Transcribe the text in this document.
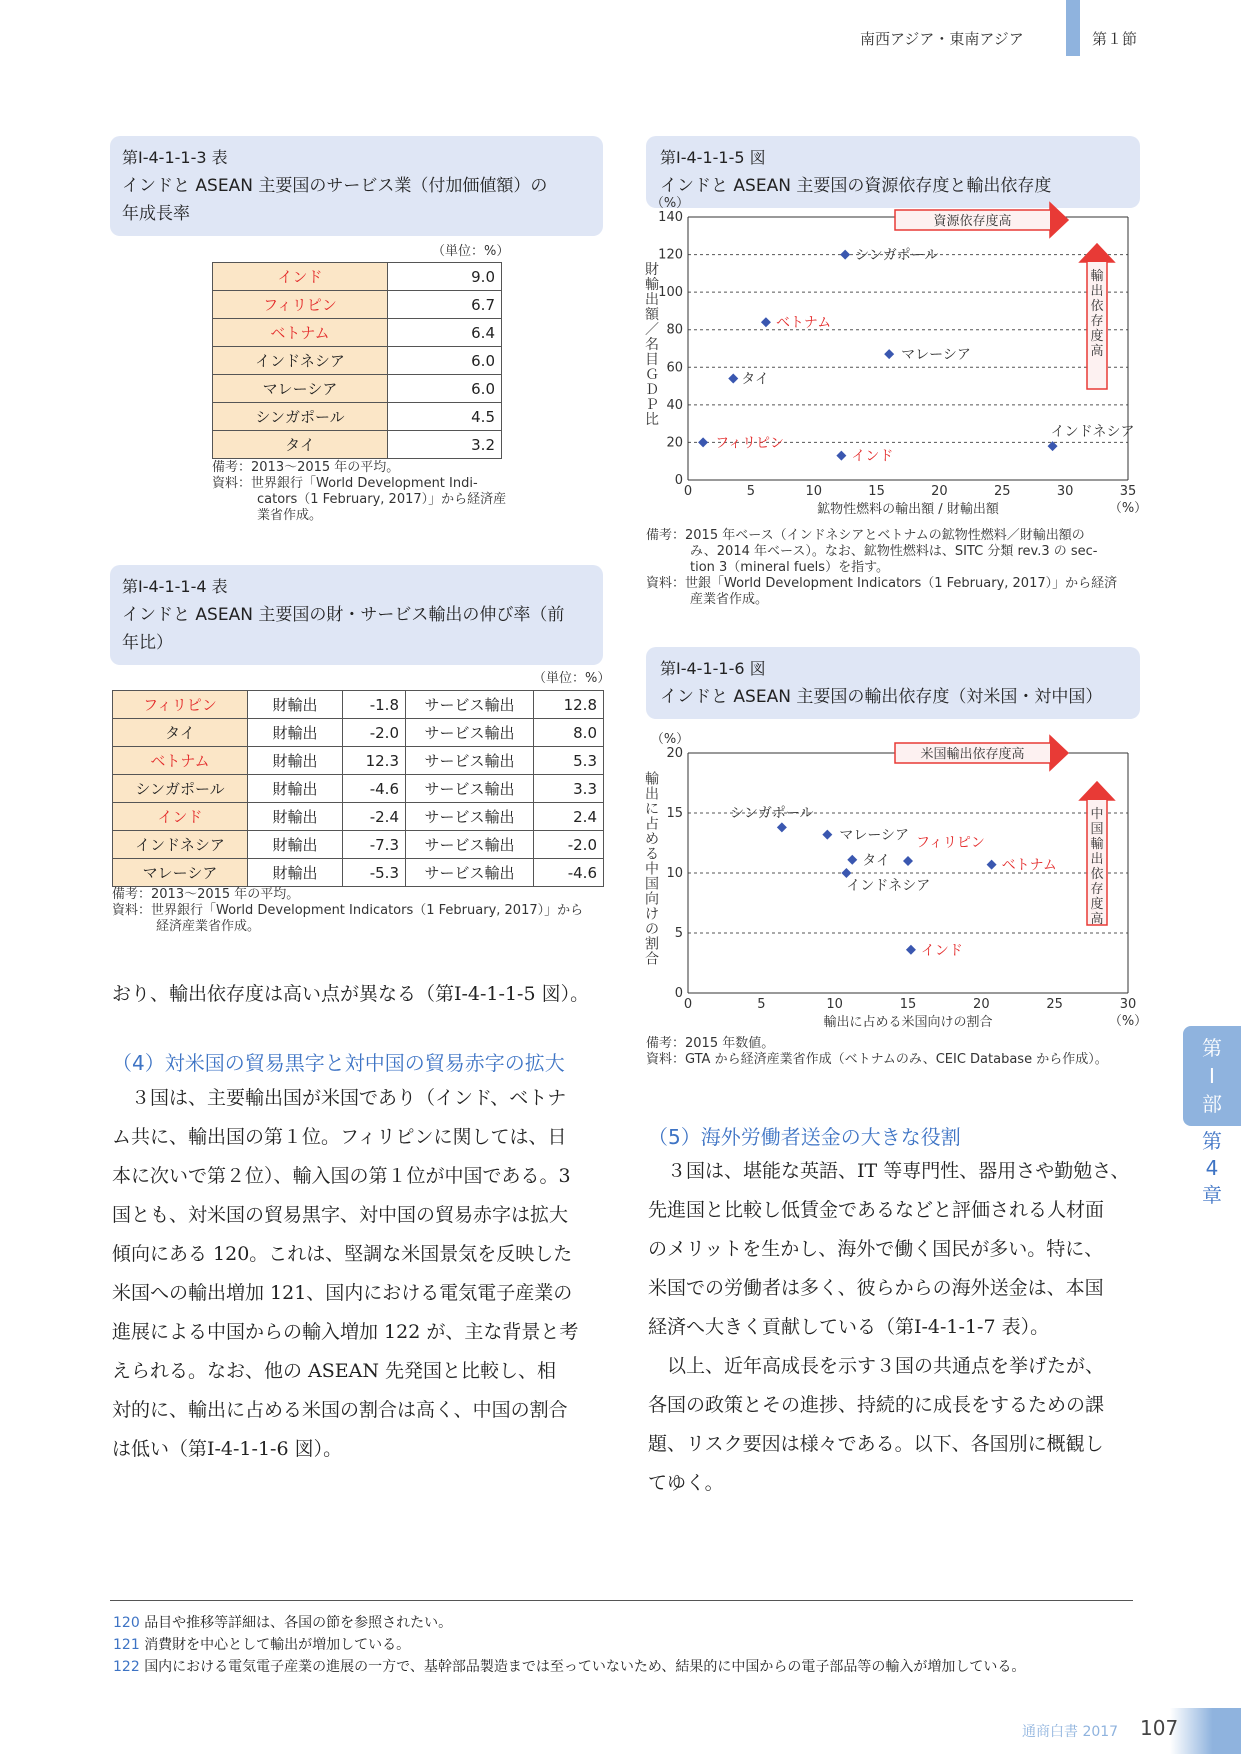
南西アジア・東南アジア	第１節
第Ⅰ-4-1-1-3 表
インドと ASEAN 主要国のサービス業（付加価値額）の
年成長率
（単位：%）
インド	9.0
フィリピン	6.7
ベトナム	6.4
インドネシア	6.0
マレーシア	6.0
シンガポール	4.5
タイ	3.2
備考：2013〜2015 年の平均。
資料：世界銀行「World Development Indi-
cators（1 February, 2017）」から経済産
業省作成。
第Ⅰ-4-1-1-4 表
インドと ASEAN 主要国の財・サービス輸出の伸び率（前
年比）
（単位：%）
フィリピン	財輸出	-1.8	サービス輸出	12.8
タイ	財輸出	-2.0	サービス輸出	8.0
ベトナム	財輸出	12.3	サービス輸出	5.3
シンガポール	財輸出	-4.6	サービス輸出	3.3
インド	財輸出	-2.4	サービス輸出	2.4
インドネシア	財輸出	-7.3	サービス輸出	-2.0
マレーシア	財輸出	-5.3	サービス輸出	-4.6
備考：2013〜2015 年の平均。
資料：世界銀行「World Development Indicators（1 February, 2017）」から
経済産業省作成。
おり、輸出依存度は高い点が異なる（第Ⅰ-4-1-1-5 図）。
（4）対米国の貿易黒字と対中国の貿易赤字の拡大
３国は、主要輸出国が米国であり（インド、ベトナ
ム共に、輸出国の第１位。フィリピンに関しては、日
本に次いで第２位）、輸入国の第１位が中国である。3
国とも、対米国の貿易黒字、対中国の貿易赤字は拡大
傾向にある 120。これは、堅調な米国景気を反映した
米国への輸出増加 121、国内における電気電子産業の
進展による中国からの輸入増加 122 が、主な背景と考
えられる。なお、他の ASEAN 先発国と比較し、相
対的に、輸出に占める米国の割合は高く、中国の割合
は低い（第Ⅰ-4-1-1-6 図）。
第Ⅰ-4-1-1-5 図
インドと ASEAN 主要国の資源依存度と輸出依存度
0	5	10	15	20	25	30	35
0
20
40
60
80
100
120
140
（%）
（%）
鉱物性燃料の輸出額 / 財輸出額
財
輸
出
額
／
名
目
Ｇ
Ｄ
Ｐ
比
資源依存度高
輸
出
依
存
度
高
シンガポール
ベトナム
マレーシア
タイ
フィリピン
インド
インドネシア
備考：2015 年ベース（インドネシアとベトナムの鉱物性燃料／財輸出額の
み、2014 年ベース）。なお、鉱物性燃料は、SITC 分類 rev.3 の sec-
tion 3（mineral fuels）を指す。
資料：世銀「World Development Indicators（1 February, 2017）」から経済
産業省作成。
第Ⅰ-4-1-1-6 図
インドと ASEAN 主要国の輸出依存度（対米国・対中国）
0	5	10	15	20	25	30
0
5
10
15
20
（%）
（%）
輸出に占める米国向けの割合
輸
出
に
占
め
る
中
国
向
け
の
割
合
米国輸出依存度高
中
国
輸
出
依
存
度
高
シンガポール
マレーシア
タイ
フィリピン
ベトナム
インドネシア
インド
備考：2015 年数値。
資料：GTA から経済産業省作成（ベトナムのみ、CEIC Database から作成）。
（5）海外労働者送金の大きな役割
３国は、堪能な英語、IT 等専門性、器用さや勤勉さ、
先進国と比較し低賃金であるなどと評価される人材面
のメリットを生かし、海外で働く国民が多い。特に、
米国での労働者は多く、彼らからの海外送金は、本国
経済へ大きく貢献している（第Ⅰ-4-1-1-7 表）。
以上、近年高成長を示す３国の共通点を挙げたが、
各国の政策とその進捗、持続的に成長をするための課
題、リスク要因は様々である。以下、各国別に概観し
てゆく。
第
Ⅰ
部
第
4
章
120 品目や推移等詳細は、各国の節を参照されたい。
121 消費財を中心として輸出が増加している。
122 国内における電気電子産業の進展の一方で、基幹部品製造までは至っていないため、結果的に中国からの電子部品等の輸入が増加している。
通商白書 2017 107
